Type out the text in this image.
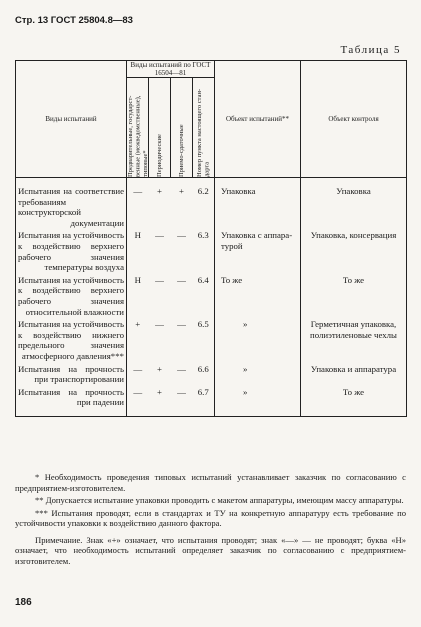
Стр. 13 ГОСТ 25804.8—83
Таблица 5
Виды испытаний	Виды испытаний по ГОСТ 16504—81				Объект испытаний**	Объект контроля

	Предварительные, государственные (межведомственные), типовые*	Периодические	Приемо-сдаточные	Номер пункта настоящего стандарта		

Испытания на соответствие требованиям конструкторской документации	—	+	+	6.2	Упаковка	Упаковка
Испытания на устойчивость к воздействию верхнего рабочего значения температуры воздуха	Н	—	—	6.3	Упаковка с аппаратурой	Упаковка, консервация
Испытания на устойчивость к воздействию верхнего рабочего значения относительной влажности	Н	—	—	6.4	То же	То же
Испытания на устойчивость к воздействию нижнего предельного значения атмосферного давления***	+	—	—	6.5	»	Герметичная упаковка, полиэтиленовые чехлы
Испытания на прочность при транспортировании	—	+	—	6.6	»	Упаковка и аппаратура
Испытания на прочность при падении	—	+	—	6.7	»	То же

* Необходимость проведения типовых испытаний устанавливает заказчик по согласованию с предприятием-изготовителем.

** Допускается испытание упаковки проводить с макетом аппаратуры, имеющим массу аппаратуры.

*** Испытания проводят, если в стандартах и ТУ на конкретную аппаратуру есть требование по устойчивости упаковки к воздействию данного фактора.

Примечание. Знак «+» означает, что испытания проводят; знак «—» — не проводят; буква «Н» означает, что необходимость испытаний определяет заказчик по согласованию с предприятием-изготовителем.

186
